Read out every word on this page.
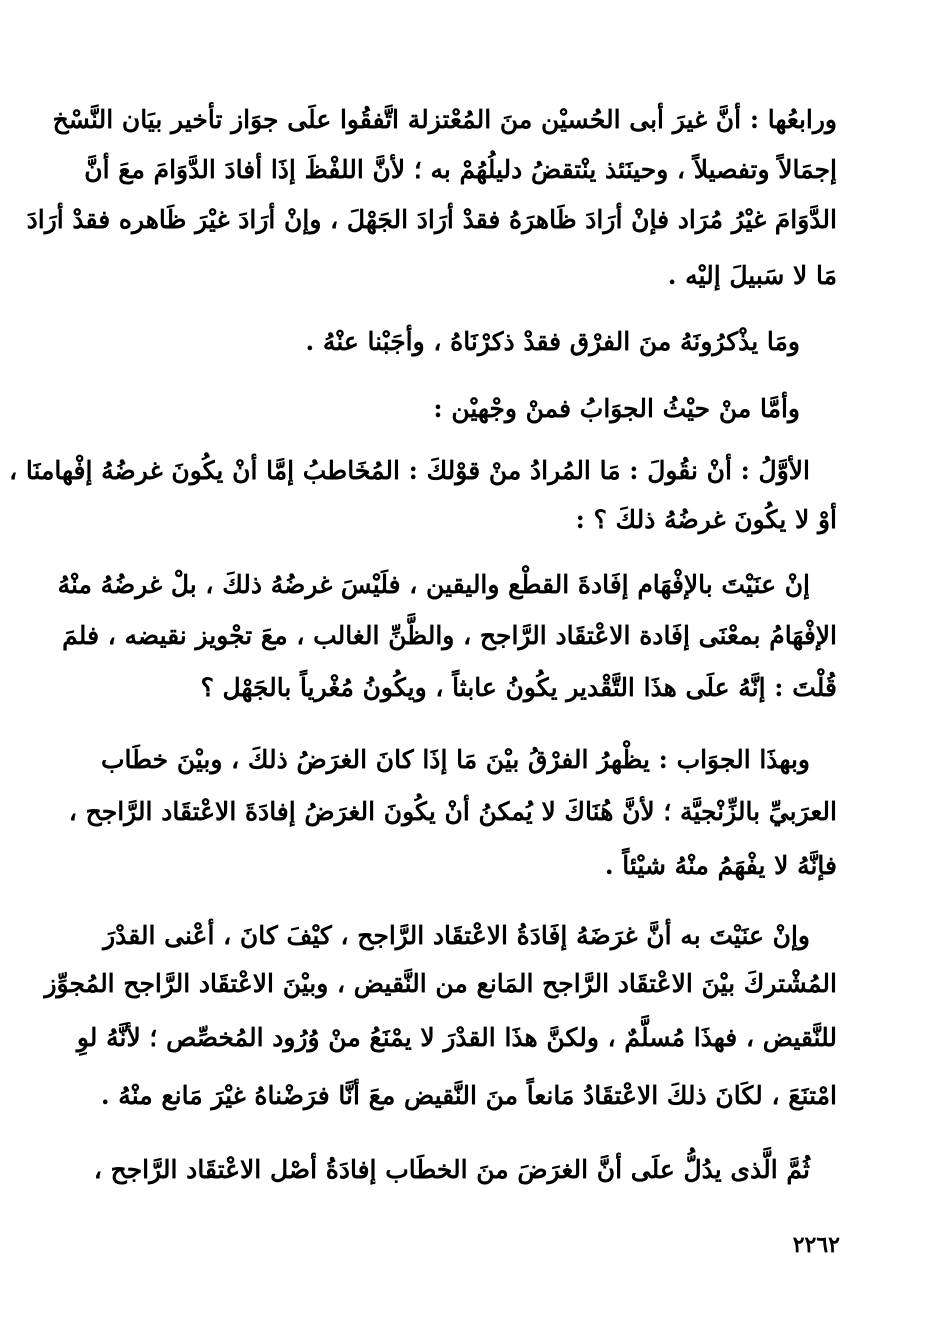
ورابعُها : أنَّ غيرَ أبى الحُسيْن منَ المُعْتزلة اتَّفقُوا علَى جوَاز تأخير بيَان النَّسْخ
إجمَالاً وتفصيلاً ، وحينَئذ ينْتقضُ دليلُهُمْ به ؛ لأنَّ اللفْظَ إذَا أفادَ الدَّوَامَ معَ أنَّ
الدَّوَامَ غيْرُ مُرَاد فإنْ أرَادَ ظَاهرَهُ فقدْ أرَادَ الجَهْلَ ، وإنْ أرَادَ غيْرَ ظَاهره فقدْ أرَادَ
مَا لا سَبيلَ إليْه .
ومَا يذْكرُونَهُ منَ الفرْق فقدْ ذكرْنَاهُ ، وأجَبْنا عنْهُ .
وأمَّا منْ حيْثُ الجوَابُ فمنْ وجْهيْن :
الأوَّلُ : أنْ نقُولَ : مَا المُرادُ منْ قوْلكَ : المُخَاطبُ إمَّا أنْ يكُونَ غرضُهُ إفْهامنَا ،
أوْ لا يكُونَ غرضُهُ ذلكَ ؟ :
إنْ عنَيْتَ بالإفْهَام إفَادةَ القطْع واليقين ، فلَيْسَ غرضُهُ ذلكَ ، بلْ غرضُهُ منْهُ
الإفْهَامُ بمعْنَى إفَادة الاعْتقَاد الرَّاجح ، والظَّنِّ الغالب ، معَ تجْويز نقيضه ، فلمَ
قُلْتَ : إنَّهُ علَى هذَا التَّقْدير يكُونُ عابثاً ، ويكُونُ مُغْرياً بالجَهْل ؟
وبهذَا الجوَاب : يظْهرُ الفرْقُ بيْنَ مَا إذَا كانَ الغرَضُ ذلكَ ، وبيْنَ خطَاب
العرَبيِّ بالزِّنْجيَّة ؛ لأنَّ هُنَاكَ لا يُمكنُ أنْ يكُونَ الغرَضُ إفادَةَ الاعْتقَاد الرَّاجح ،
فإنَّهُ لا يفْهَمُ منْهُ شيْئاً .
وإنْ عنَيْتَ به أنَّ غرَضَهُ إفَادَةُ الاعْتقَاد الرَّاجح ، كيْفَ كانَ ، أعْنى القدْرَ
المُشْتركَ بيْنَ الاعْتقَاد الرَّاجح المَانع من النَّقيض ، وبيْنَ الاعْتقَاد الرَّاجح المُجوِّز
للنَّقيض ، فهذَا مُسلَّمٌ ، ولكنَّ هذَا القدْرَ لا يمْنَعُ منْ وُرُود المُخصِّص ؛ لأنَّهُ لوِ
امْتنَعَ ، لكَانَ ذلكَ الاعْتقَادُ مَانعاً منَ النَّقيض معَ أنَّا فرَضْناهُ غيْرَ مَانع منْهُ .
ثُمَّ الَّذى يدُلُّ علَى أنَّ الغرَضَ منَ الخطَاب إفادَةُ أصْل الاعْتقَاد الرَّاجح ،
٢٢٦٢
